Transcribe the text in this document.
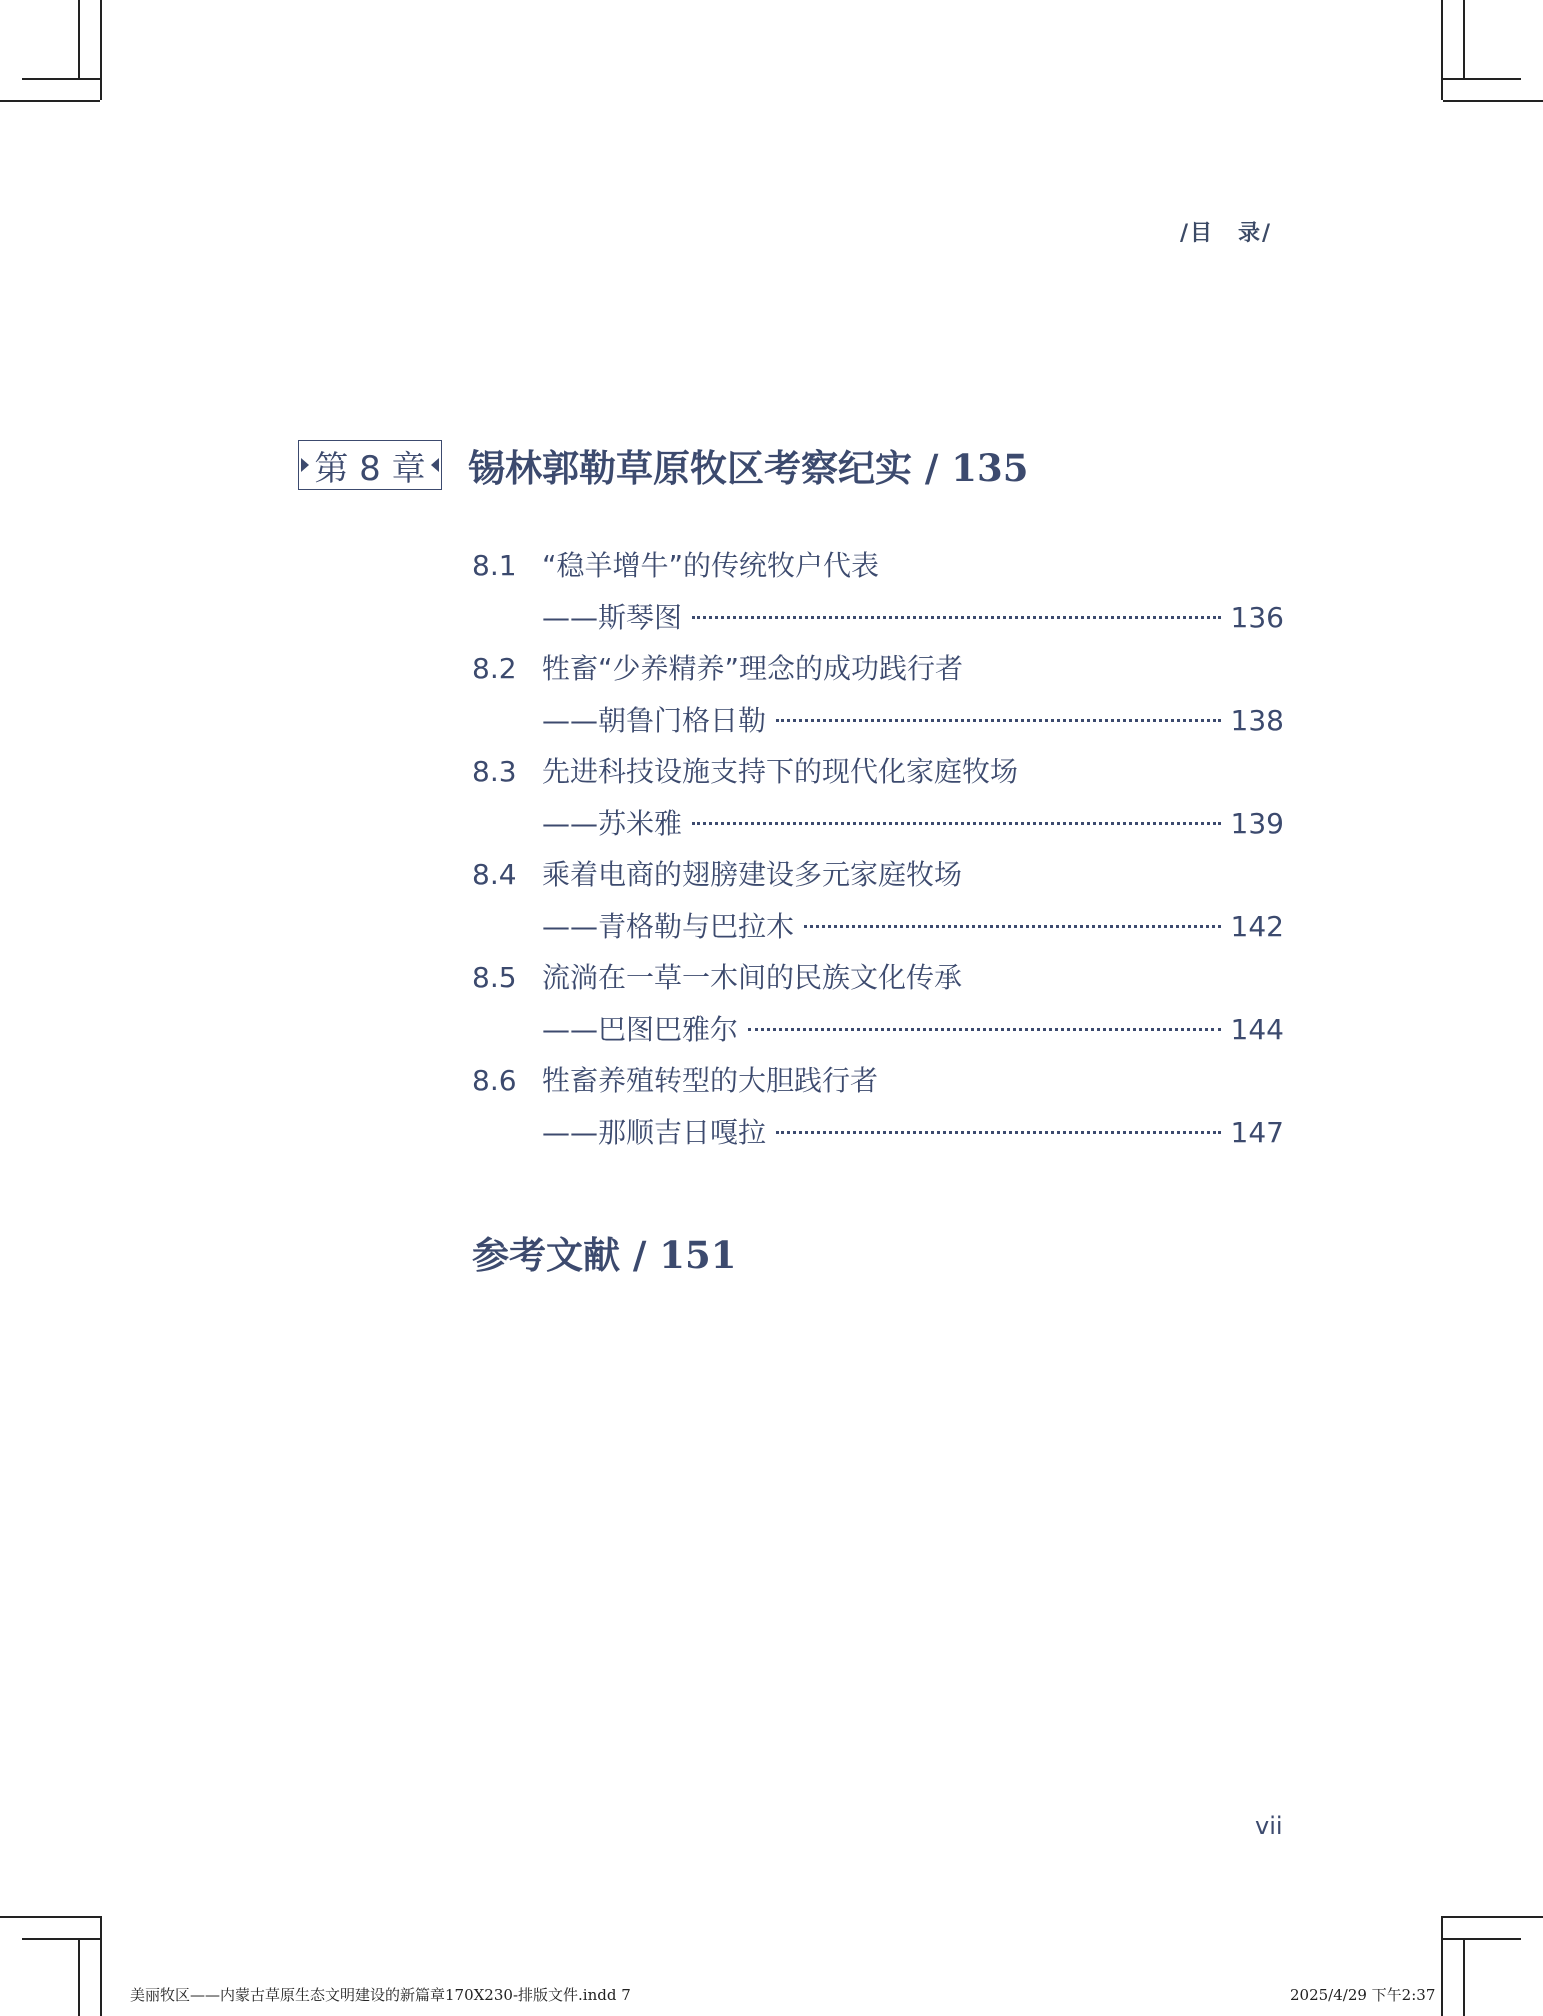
/目　录/
第 8 章 锡林郭勒草原牧区考察纪实 / 135
8.1 “稳羊增牛”的传统牧户代表
——斯琴图	136
8.2 牲畜“少养精养”理念的成功践行者
——朝鲁门格日勒	138
8.3 先进科技设施支持下的现代化家庭牧场
——苏米雅	139
8.4 乘着电商的翅膀建设多元家庭牧场
——青格勒与巴拉木	142
8.5 流淌在一草一木间的民族文化传承
——巴图巴雅尔	144
8.6 牲畜养殖转型的大胆践行者
——那顺吉日嘎拉	147
参考文献 / 151
vii
美丽牧区——内蒙古草原生态文明建设的新篇章170X230-排版文件.indd 7	2025/4/29 下午2:37
